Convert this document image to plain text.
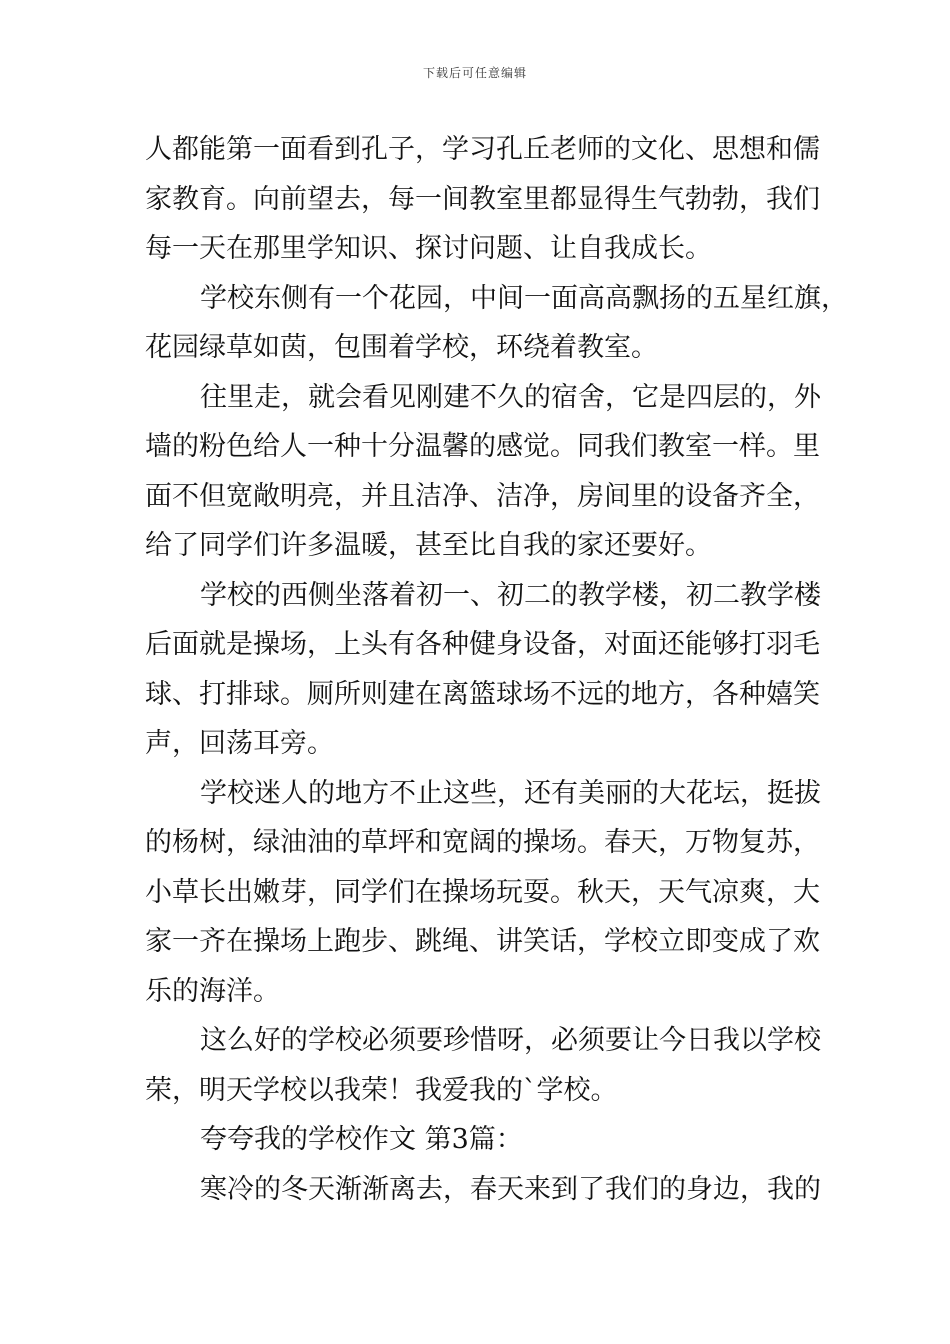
下载后可任意编辑
人都能第一面看到孔子，学习孔丘老师的文化、思想和儒
家教育。向前望去，每一间教室里都显得生气勃勃，我们
每一天在那里学知识、探讨问题、让自我成长。
学校东侧有一个花园，中间一面高高飘扬的五星红旗，
花园绿草如茵，包围着学校，环绕着教室。
往里走，就会看见刚建不久的宿舍，它是四层的，外
墙的粉色给人一种十分温馨的感觉。同我们教室一样。里
面不但宽敞明亮，并且洁净、洁净，房间里的设备齐全，
给了同学们许多温暖，甚至比自我的家还要好。
学校的西侧坐落着初一、初二的教学楼，初二教学楼
后面就是操场，上头有各种健身设备，对面还能够打羽毛
球、打排球。厕所则建在离篮球场不远的地方，各种嬉笑
声，回荡耳旁。
学校迷人的地方不止这些，还有美丽的大花坛，挺拔
的杨树，绿油油的草坪和宽阔的操场。春天，万物复苏，
小草长出嫩芽，同学们在操场玩耍。秋天，天气凉爽，大
家一齐在操场上跑步、跳绳、讲笑话，学校立即变成了欢
乐的海洋。
这么好的学校必须要珍惜呀，必须要让今日我以学校
荣，明天学校以我荣！我爱我的`学校。
夸夸我的学校作文 第3篇：
寒冷的冬天渐渐离去，春天来到了我们的身边，我的
